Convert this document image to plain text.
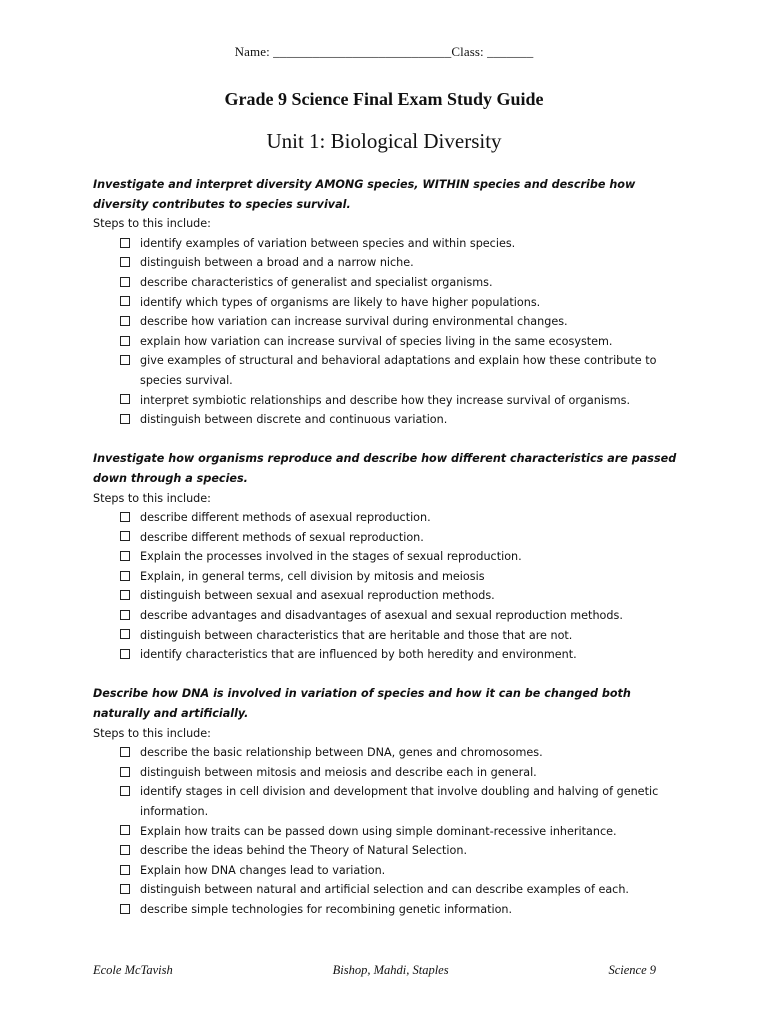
Name: ___________________________Class: _______
Grade 9 Science Final Exam Study Guide
Unit 1: Biological Diversity
Investigate and interpret diversity AMONG species, WITHIN species and describe how diversity contributes to species survival.
Steps to this include:
identify examples of variation between species and within species.
distinguish between a broad and a narrow niche.
describe characteristics of generalist and specialist organisms.
identify which types of organisms are likely to have higher populations.
describe how variation can increase survival during environmental changes.
explain how variation can increase survival of species living in the same ecosystem.
give examples of structural and behavioral adaptations and explain how these contribute to species survival.
interpret symbiotic relationships and describe how they increase survival of organisms.
distinguish between discrete and continuous variation.
Investigate how organisms reproduce and describe how different characteristics are passed down through a species.
Steps to this include:
describe different methods of asexual reproduction.
describe different methods of sexual reproduction.
Explain the processes involved in the stages of sexual reproduction.
Explain, in general terms, cell division by mitosis and meiosis
distinguish between sexual and asexual reproduction methods.
describe advantages and disadvantages of asexual and sexual reproduction methods.
distinguish between characteristics that are heritable and those that are not.
identify characteristics that are influenced by both heredity and environment.
Describe how DNA is involved in variation of species and how it can be changed both naturally and artificially.
Steps to this include:
describe the basic relationship between DNA, genes and chromosomes.
distinguish between mitosis and meiosis and describe each in general.
identify stages in cell division and development that involve doubling and halving of genetic information.
Explain how traits can be passed down using simple dominant-recessive inheritance.
describe the ideas behind the Theory of Natural Selection.
Explain how DNA changes lead to variation.
distinguish between natural and artificial selection and can describe examples of each.
describe simple technologies for recombining genetic information.
Ecole McTavish	Bishop, Mahdi, Staples	Science 9
